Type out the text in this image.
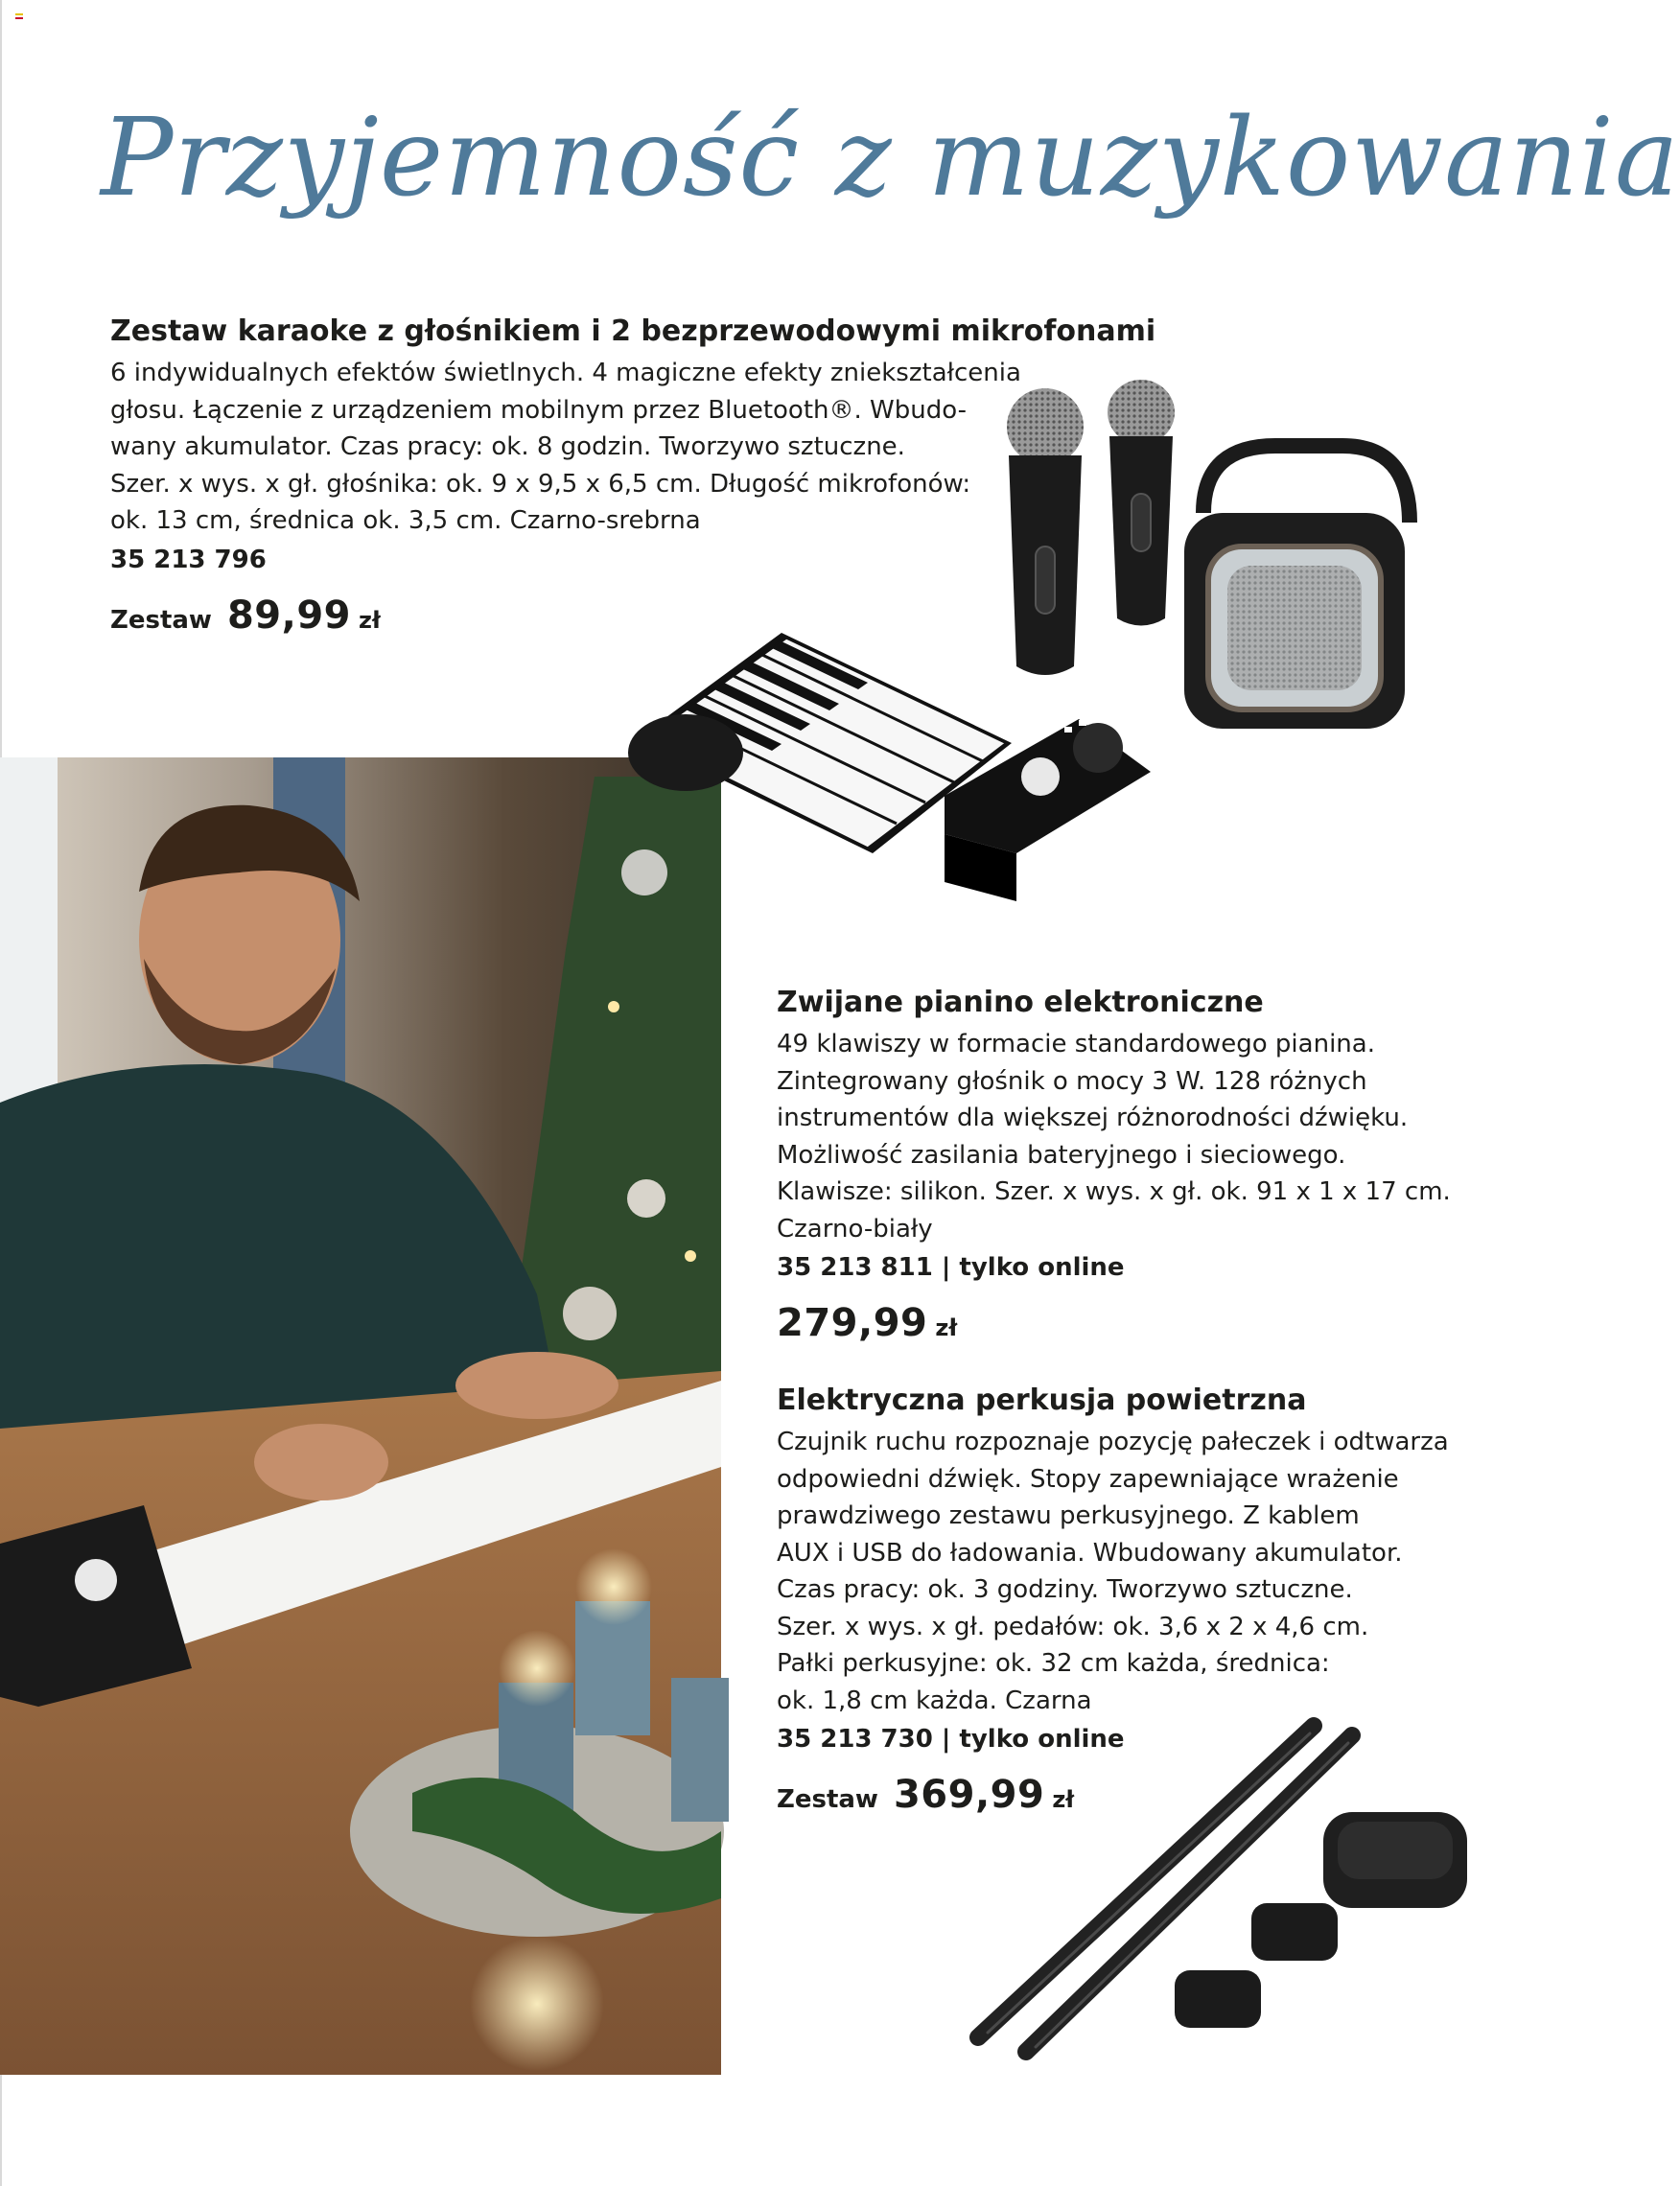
Przyjemność z muzykowania
Zestaw karaoke z głośnikiem i 2 bezprzewodowymi mikrofonami
6 indywidualnych efektów świetlnych. 4 magiczne efekty zniekształcenia
głosu. Łączenie z urządzeniem mobilnym przez Bluetooth®. Wbudo-
wany akumulator. Czas pracy: ok. 8 godzin. Tworzywo sztuczne.
Szer. x wys. x gł. głośnika: ok. 9 x 9,5 x 6,5 cm. Długość mikrofonów:
ok. 13 cm, średnica ok. 3,5 cm. Czarno-srebrna
35 213 796
Zestaw 89,99 zł
Zwijane pianino elektroniczne
49 klawiszy w formacie standardowego pianina.
Zintegrowany głośnik o mocy 3 W. 128 różnych
instrumentów dla większej różnorodności dźwięku.
Możliwość zasilania bateryjnego i sieciowego.
Klawisze: silikon. Szer. x wys. x gł. ok. 91 x 1 x 17 cm.
Czarno-biały
35 213 811 | tylko online
279,99 zł
Elektryczna perkusja powietrzna
Czujnik ruchu rozpoznaje pozycję pałeczek i odtwarza
odpowiedni dźwięk. Stopy zapewniające wrażenie
prawdziwego zestawu perkusyjnego. Z kablem
AUX i USB do ładowania. Wbudowany akumulator.
Czas pracy: ok. 3 godziny. Tworzywo sztuczne.
Szer. x wys. x gł. pedałów: ok. 3,6 x 2 x 4,6 cm.
Pałki perkusyjne: ok. 32 cm każda, średnica:
ok. 1,8 cm każda. Czarna
35 213 730 | tylko online
Zestaw 369,99 zł
